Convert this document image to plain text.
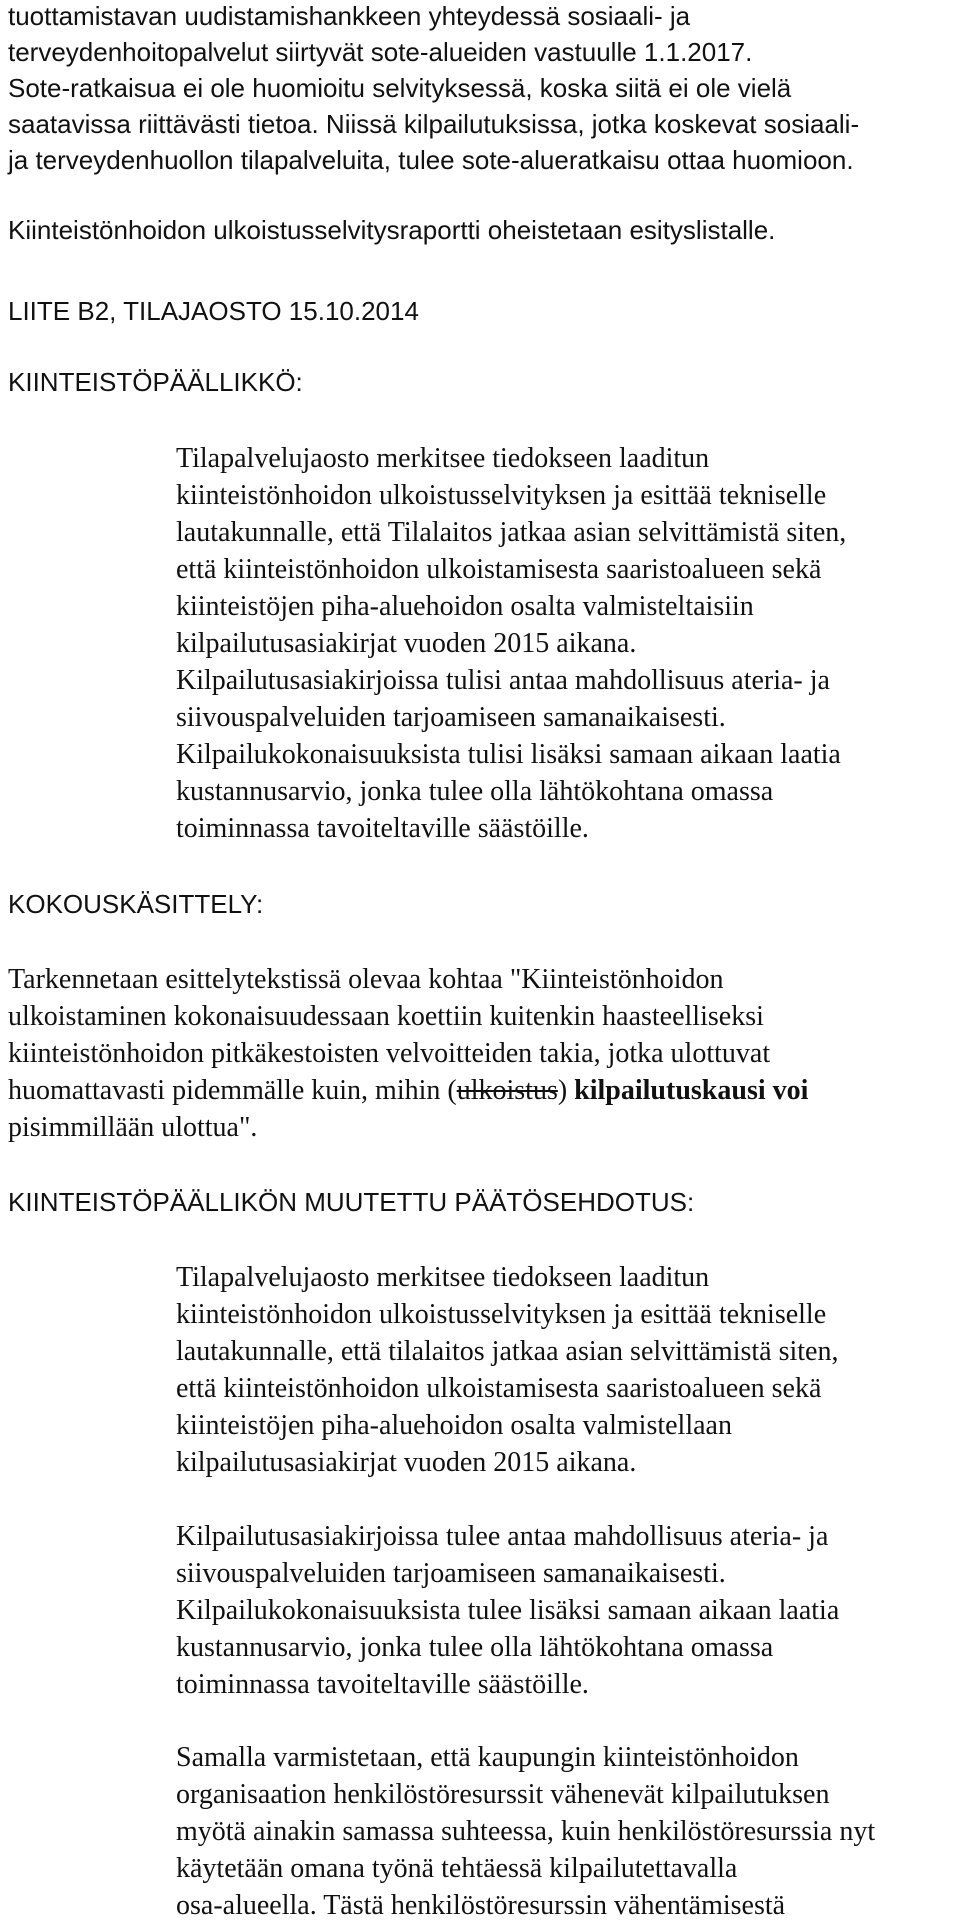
tuottamistavan uudistamishankkeen yhteydessä sosiaali- ja
terveydenhoitopalvelut siirtyvät sote-alueiden vastuulle 1.1.2017.
Sote-ratkaisua ei ole huomioitu selvityksessä, koska siitä ei ole vielä
saatavissa riittävästi tietoa. Niissä kilpailutuksissa, jotka koskevat sosiaali-
ja terveydenhuollon tilapalveluita, tulee sote-alueratkaisu ottaa huomioon.
Kiinteistönhoidon ulkoistusselvitysraportti oheistetaan esityslistalle.
LIITE B2, TILAJAOSTO 15.10.2014
KIINTEISTÖPÄÄLLIKKÖ:
Tilapalvelujaosto merkitsee tiedokseen laaditun
kiinteistönhoidon ulkoistusselvityksen ja esittää tekniselle
lautakunnalle, että Tilalaitos jatkaa asian selvittämistä siten,
että kiinteistönhoidon ulkoistamisesta saaristoalueen sekä
kiinteistöjen piha-aluehoidon osalta valmisteltaisiin
kilpailutusasiakirjat vuoden 2015 aikana.
Kilpailutusasiakirjoissa tulisi antaa mahdollisuus ateria- ja
siivouspalveluiden tarjoamiseen samanaikaisesti.
Kilpailukokonaisuuksista tulisi lisäksi samaan aikaan laatia
kustannusarvio, jonka tulee olla lähtökohtana omassa
toiminnassa tavoiteltaville säästöille.
KOKOUSKÄSITTELY:
Tarkennetaan esittelytekstissä olevaa kohtaa "Kiinteistönhoidon
ulkoistaminen kokonaisuudessaan koettiin kuitenkin haasteelliseksi
kiinteistönhoidon pitkäkestoisten velvoitteiden takia, jotka ulottuvat
huomattavasti pidemmälle kuin, mihin (ulkoistus) kilpailutuskausi voi
pisimmillään ulottua".
KIINTEISTÖPÄÄLLIKÖN MUUTETTU PÄÄTÖSEHDOTUS:
Tilapalvelujaosto merkitsee tiedokseen laaditun
kiinteistönhoidon ulkoistusselvityksen ja esittää tekniselle
lautakunnalle, että tilalaitos jatkaa asian selvittämistä siten,
että kiinteistönhoidon ulkoistamisesta saaristoalueen sekä
kiinteistöjen piha-aluehoidon osalta valmistellaan
kilpailutusasiakirjat vuoden 2015 aikana.
Kilpailutusasiakirjoissa tulee antaa mahdollisuus ateria- ja
siivouspalveluiden tarjoamiseen samanaikaisesti.
Kilpailukokonaisuuksista tulee lisäksi samaan aikaan laatia
kustannusarvio, jonka tulee olla lähtökohtana omassa
toiminnassa tavoiteltaville säästöille.
Samalla varmistetaan, että kaupungin kiinteistönhoidon
organisaation henkilöstöresurssit vähenevät kilpailutuksen
myötä ainakin samassa suhteessa, kuin henkilöstöresurssia nyt
käytetään omana työnä tehtäessä kilpailutettavalla
osa-alueella. Tästä henkilöstöresurssin vähentämisestä
